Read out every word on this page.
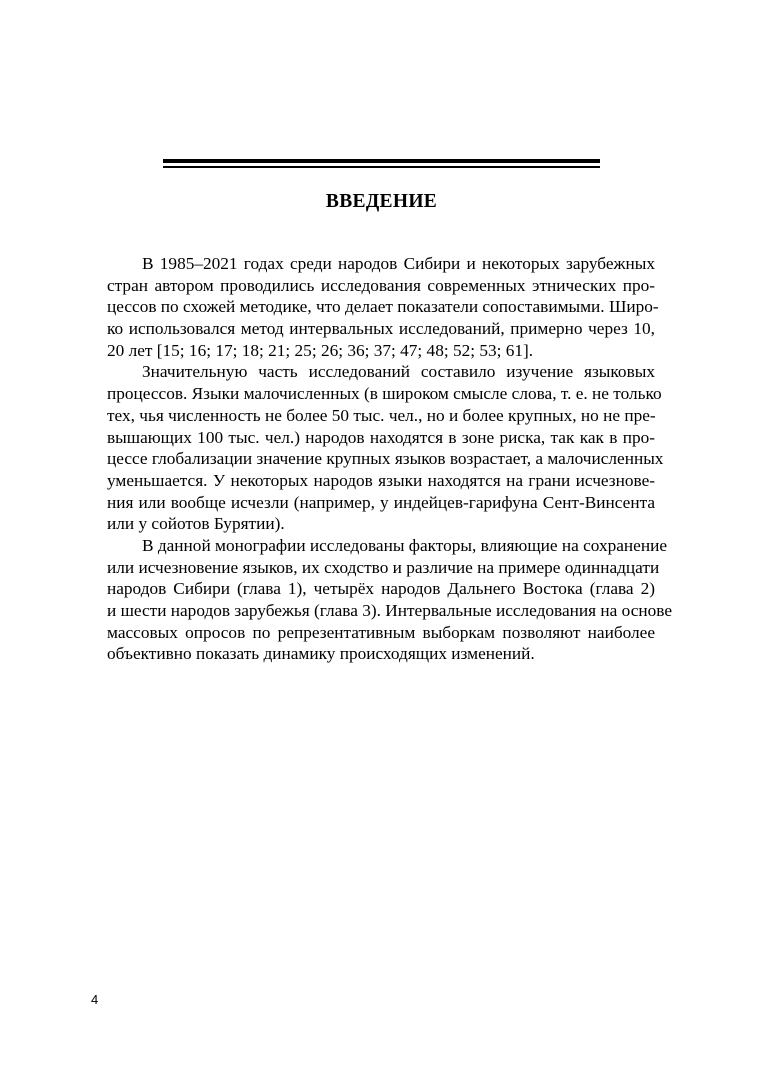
ВВЕДЕНИЕ
В 1985–2021 годах среди народов Сибири и некоторых зарубежных
стран автором проводились исследования современных этнических про-
цессов по схожей методике, что делает показатели сопоставимыми. Широ-
ко использовался метод интервальных исследований, примерно через 10,
20 лет [15; 16; 17; 18; 21; 25; 26; 36; 37; 47; 48; 52; 53; 61].
Значительную часть исследований составило изучение языковых
процессов. Языки малочисленных (в широком смысле слова, т. е. не только
тех, чья численность не более 50 тыс. чел., но и более крупных, но не пре-
вышающих 100 тыс. чел.) народов находятся в зоне риска, так как в про-
цессе глобализации значение крупных языков возрастает, а малочисленных
уменьшается. У некоторых народов языки находятся на грани исчезнове-
ния или вообще исчезли (например, у индейцев-гарифуна Сент-Винсента
или у сойотов Бурятии).
В данной монографии исследованы факторы, влияющие на сохранение
или исчезновение языков, их сходство и различие на примере одиннадцати
народов Сибири (глава 1), четырёх народов Дальнего Востока (глава 2)
и шести народов зарубежья (глава 3). Интервальные исследования на основе
массовых опросов по репрезентативным выборкам позволяют наиболее
объективно показать динамику происходящих изменений.
4
